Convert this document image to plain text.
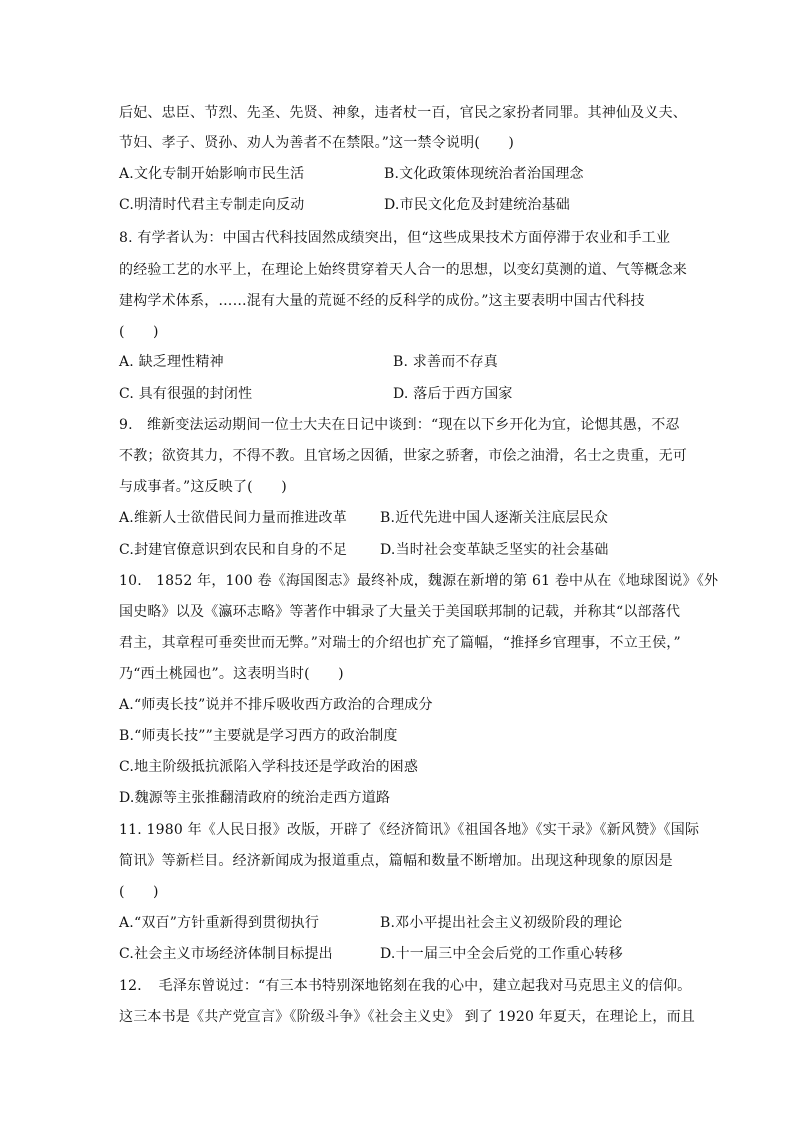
后妃、忠臣、节烈、先圣、先贤、神象，违者杖一百，官民之家扮者同罪。其神仙及义夫、
节妇、孝子、贤孙、劝人为善者不在禁限。”这一禁令说明(　　)
A.文化专制开始影响市民生活	B.文化政策体现统治者治国理念
C.明清时代君主专制走向反动	D.市民文化危及封建统治基础
8. 有学者认为：中国古代科技固然成绩突出，但“这些成果技术方面停滞于农业和手工业
的经验工艺的水平上，在理论上始终贯穿着天人合一的思想，以变幻莫测的道、气等概念来
建构学术体系，……混有大量的荒诞不经的反科学的成份。”这主要表明中国古代科技
(　　)
A. 缺乏理性精神	B. 求善而不存真
C. 具有很强的封闭性	D. 落后于西方国家
9.　维新变法运动期间一位士大夫在日记中谈到：“现在以下乡开化为宜，论愢其愚，不忍
不教；欲资其力，不得不教。且官场之因循，世家之骄奢，市侩之油滑，名士之贵重，无可
与成事者。”这反映了(　　)
A.维新人士欲借民间力量而推进改革 B.近代先进中国人逐渐关注底层民众
C.封建官僚意识到农民和自身的不足 D.当时社会变革缺乏坚实的社会基础
10.　1852 年，100 卷《海国图志》最终补成，魏源在新增的第 61 卷中从在《地球图说》《外
国史略》以及《瀛环志略》等著作中辑录了大量关于美国联邦制的记载，并称其“以部落代
君主，其章程可垂奕世而无弊。”对瑞士的介绍也扩充了篇幅，“推择乡官理事，不立王侯，”
乃“西土桃园也”。这表明当时(　　)
A.“师夷长技”说并不排斥吸收西方政治的合理成分
B.“师夷长技””主要就是学习西方的政治制度
C.地主阶级抵抗派陷入学科技还是学政治的困惑
D.魏源等主张推翻清政府的统治走西方道路
11. 1980 年《人民日报》改版，开辟了《经济简讯》《祖国各地》《实干录》《新风赞》《国际
简讯》等新栏目。经济新闻成为报道重点，篇幅和数量不断增加。出现这种现象的原因是
(　　)
A.“双百”方针重新得到贯彻执行	B.邓小平提出社会主义初级阶段的理论
C.社会主义市场经济体制目标提出	D.十一届三中全会后党的工作重心转移
12．　毛泽东曾说过：“有三本书特别深地铭刻在我的心中，建立起我对马克思主义的信仰。
这三本书是《共产党宣言》《阶级斗争》《社会主义史》 到了 1920 年夏天，在理论上，而且
